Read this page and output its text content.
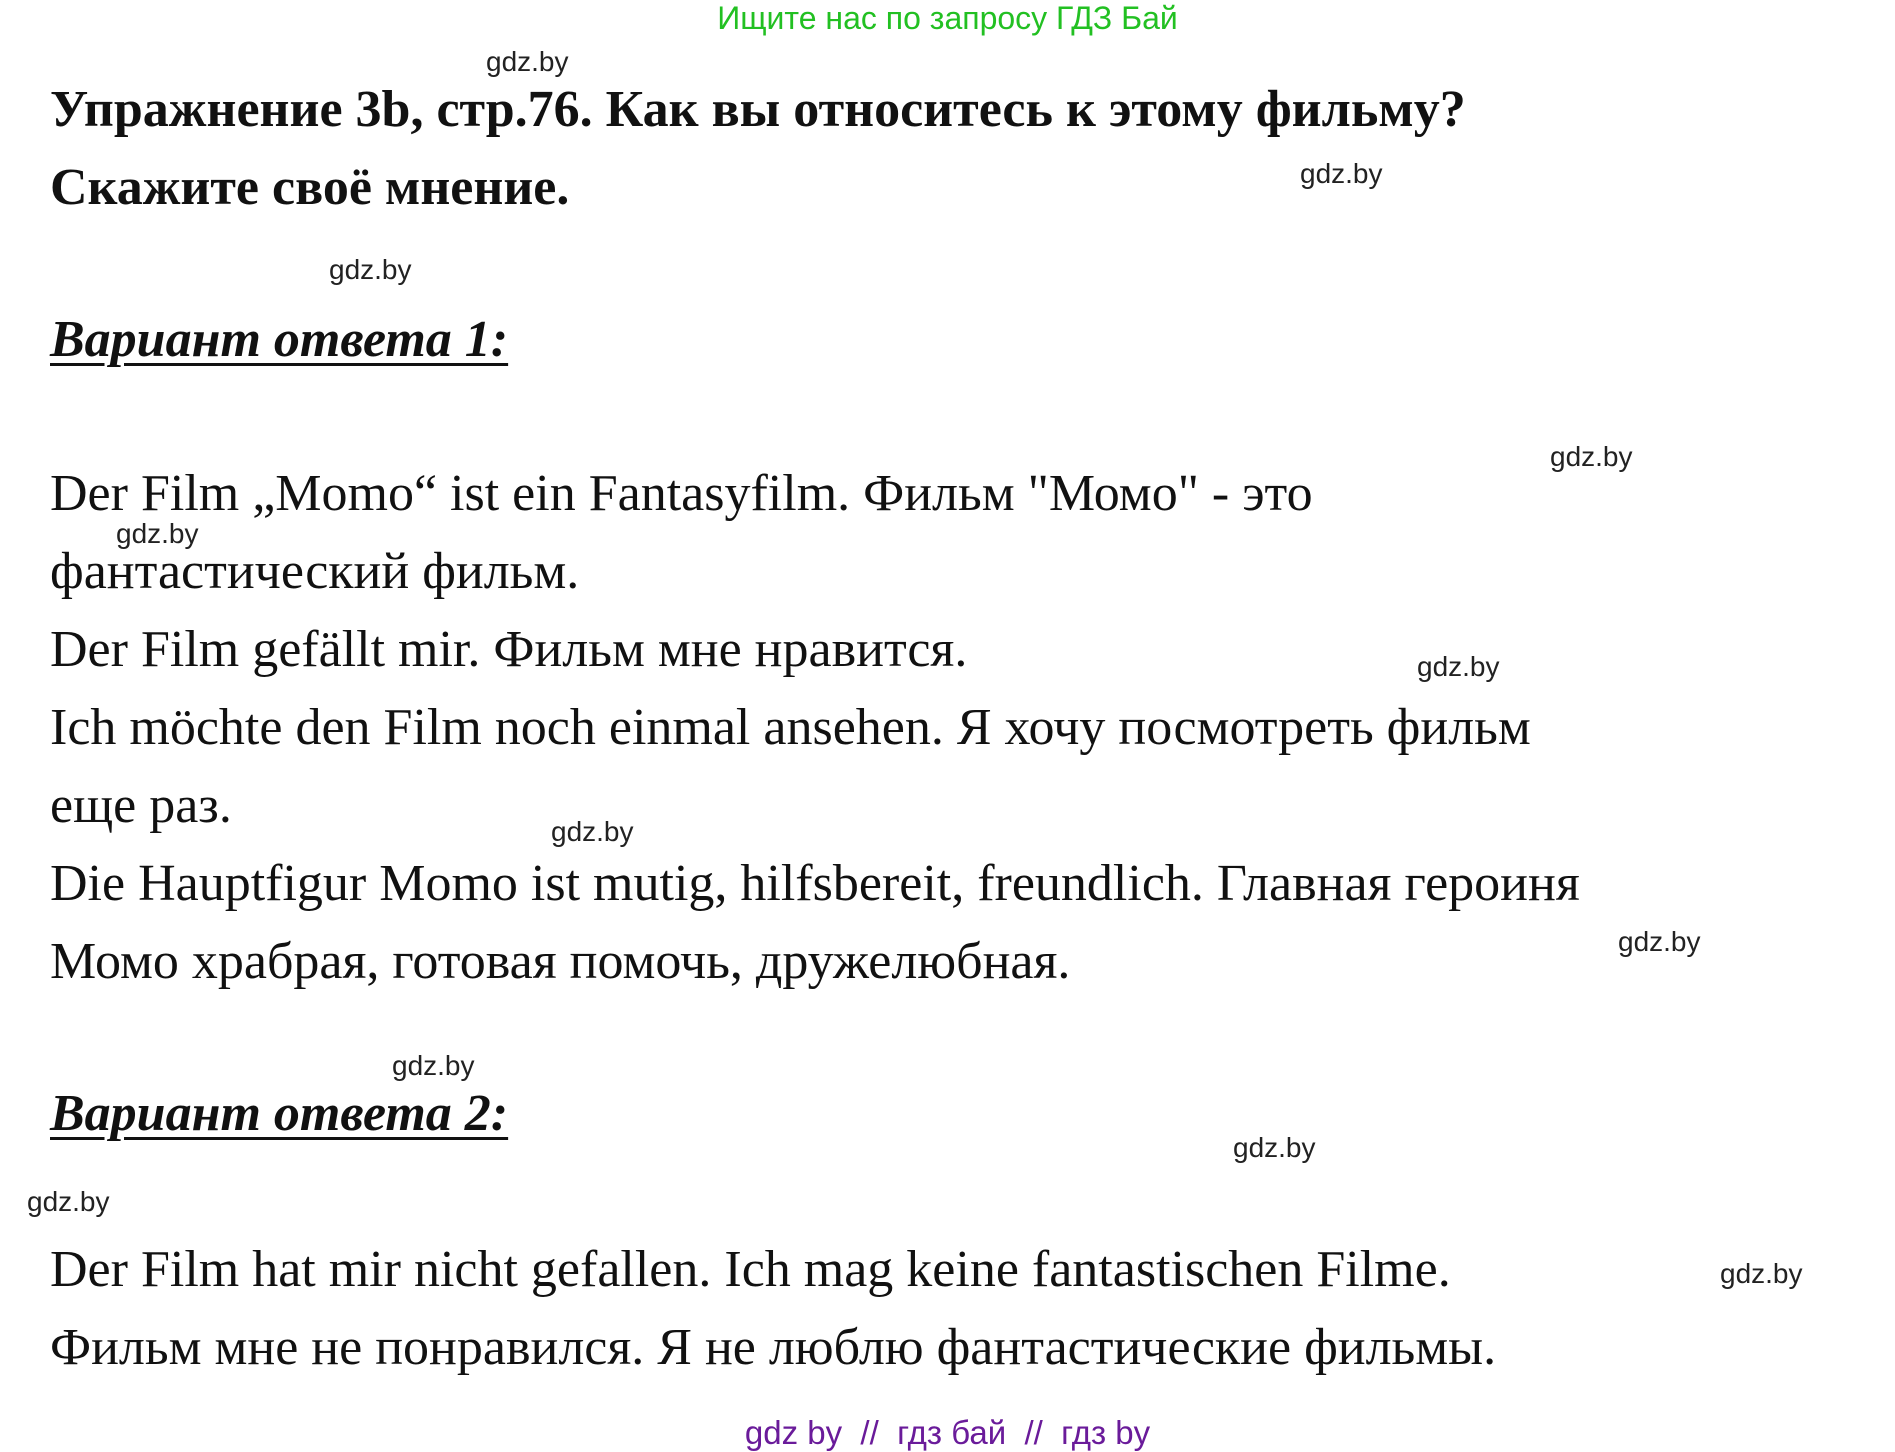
Ищите нас по запросу ГДЗ Бай
Упражнение 3b, стр.76. Как вы относитесь к этому фильму?
Скажите своё мнение.
Вариант ответа 1:
Der Film „Momo“ ist ein Fantasyfilm. Фильм "Момо" - это
фантастический фильм.
Der Film gefällt mir. Фильм мне нравится.
Ich möchte den Film noch einmal ansehen. Я хочу посмотреть фильм
еще раз.
Die Hauptfigur Momo ist mutig, hilfsbereit, freundlich. Главная героиня
Момо храбрая, готовая помочь, дружелюбная.
Вариант ответа 2:
Der Film hat mir nicht gefallen. Ich mag keine fantastischen Filme.
Фильм мне не понравился. Я не люблю фантастические фильмы.
gdz.by
gdz.by
gdz.by
gdz.by
gdz.by
gdz.by
gdz.by
gdz.by
gdz.by
gdz.by
gdz.by
gdz.by
gdz by  //  гдз бай  //  гдз by
